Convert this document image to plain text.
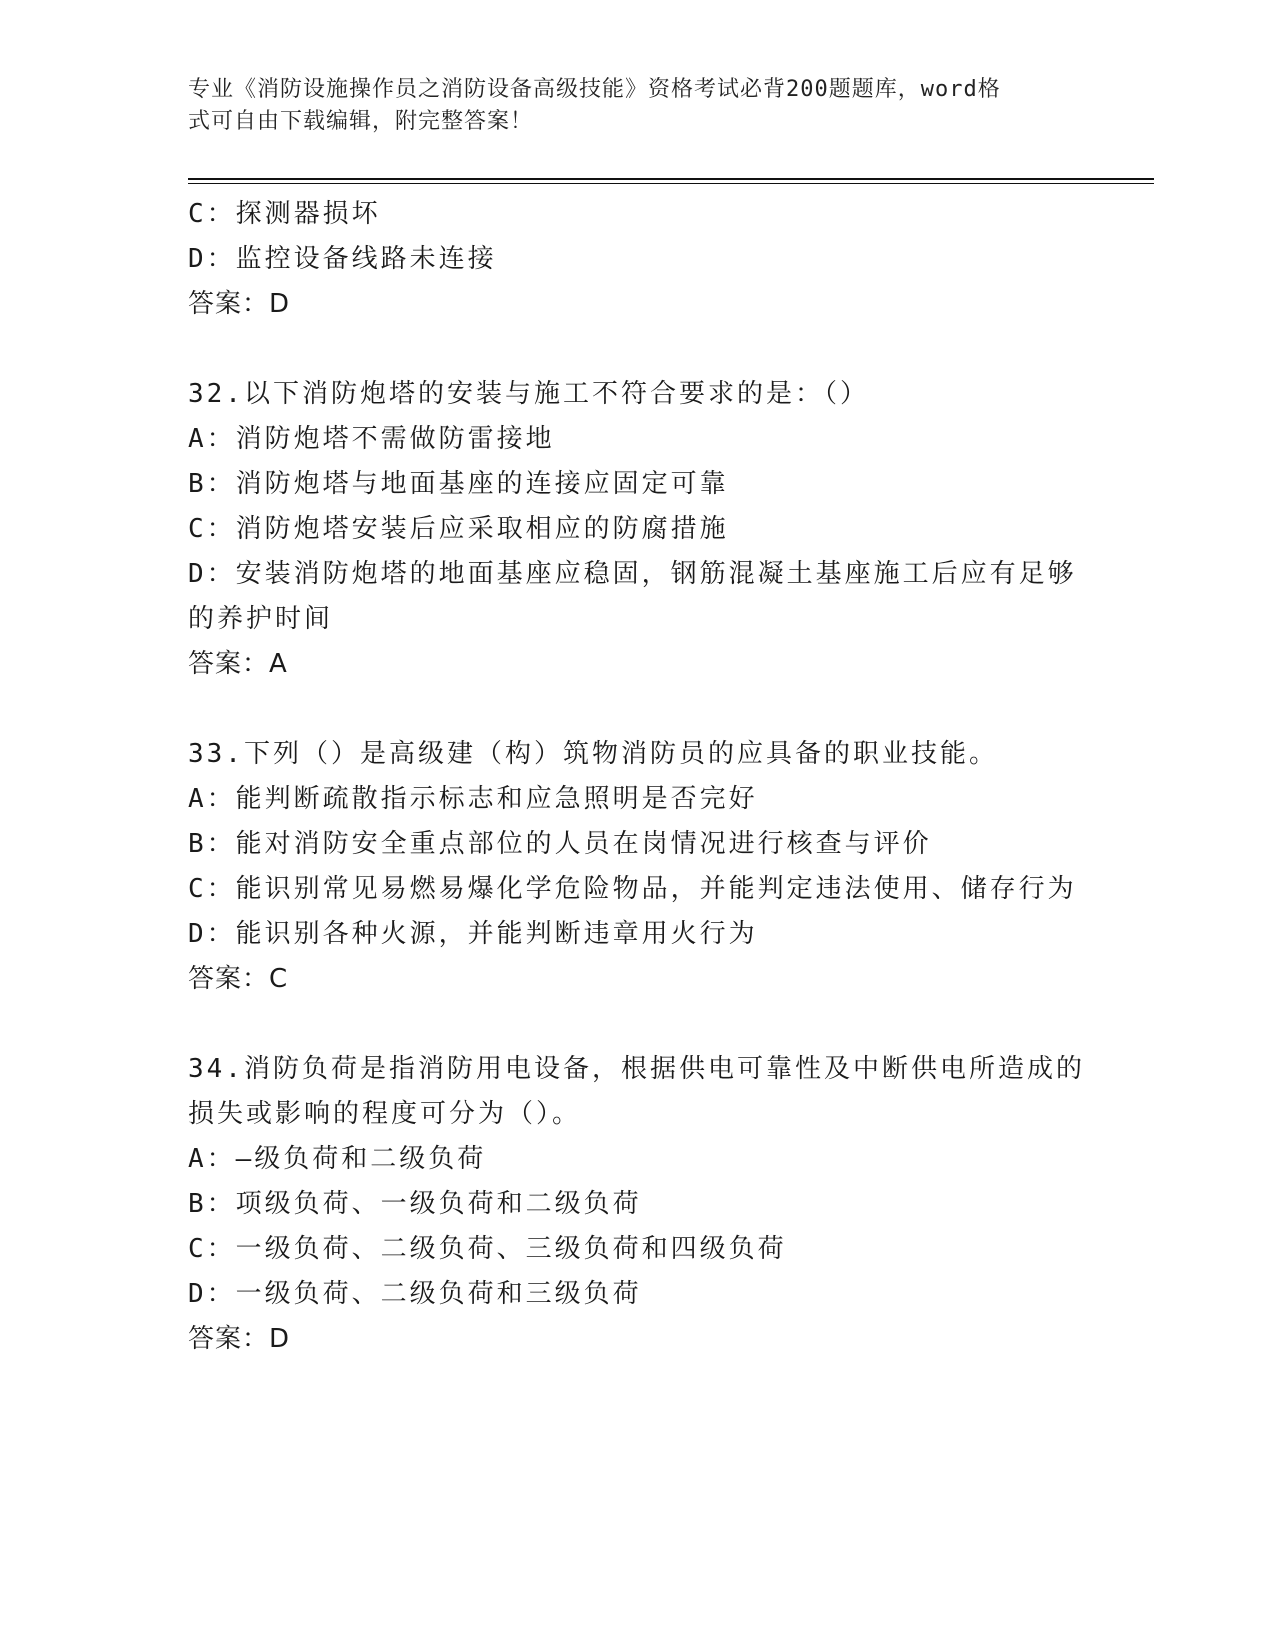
专业《消防设施操作员之消防设备高级技能》资格考试必背200题题库，word格
式可自由下载编辑，附完整答案！
C：探测器损坏
D：监控设备线路未连接
答案：D
32.以下消防炮塔的安装与施工不符合要求的是：（）
A：消防炮塔不需做防雷接地
B：消防炮塔与地面基座的连接应固定可靠
C：消防炮塔安装后应采取相应的防腐措施
D：安装消防炮塔的地面基座应稳固，钢筋混凝土基座施工后应有足够
的养护时间
答案：A
33.下列（）是高级建（构）筑物消防员的应具备的职业技能。
A：能判断疏散指示标志和应急照明是否完好
B：能对消防安全重点部位的人员在岗情况进行核查与评价
C：能识别常见易燃易爆化学危险物品，并能判定违法使用、储存行为
D：能识别各种火源，并能判断违章用火行为
答案：C
34.消防负荷是指消防用电设备，根据供电可靠性及中断供电所造成的
损失或影响的程度可分为（）。
A：—级负荷和二级负荷
B：项级负荷、一级负荷和二级负荷
C：一级负荷、二级负荷、三级负荷和四级负荷
D：一级负荷、二级负荷和三级负荷
答案：D
